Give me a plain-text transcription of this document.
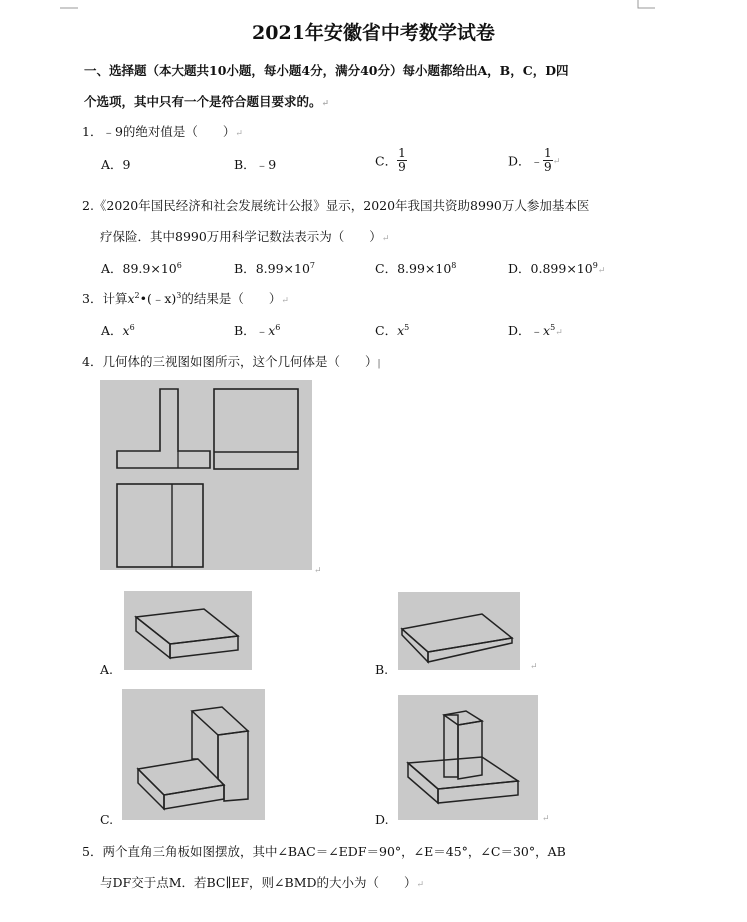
2021年安徽省中考数学试卷
一、选择题（本大题共10小题，每小题4分，满分40分）每小题都给出A，B，C，D四
个选项，其中只有一个是符合题目要求的。↵
1．﹣9的绝对值是（　　）↵
A．9	B．﹣9	C． $\frac{1}{9}$	D．﹣ $\frac{1}{9}$ ↵
2.《2020年国民经济和社会发展统计公报》显示，2020年我国共资助8990万人参加基本医
疗保险．其中8990万用科学记数法表示为（　　）↵
A．$89.9\times 10^6$	B．$8.99\times 10^7$	C．$8.99\times 10^8$	D．$0.899\times 10^9↵$
3．计算$x^2•(﹣x)^3$的结果是（　　）↵
A．$x^6$	B．$﹣x^6$	C．$x^5$	D．$﹣x^5↵$
4．几何体的三视图如图所示，这个几何体是（　　）|
↵
A.	B.	↵
C.	D.	↵
5．两个直角三角板如图摆放，其中∠BAC＝∠EDF＝90°，∠E＝45°，∠C＝30°，AB
与DF交于点M．若BC∥EF，则∠BMD的大小为（　　）↵
